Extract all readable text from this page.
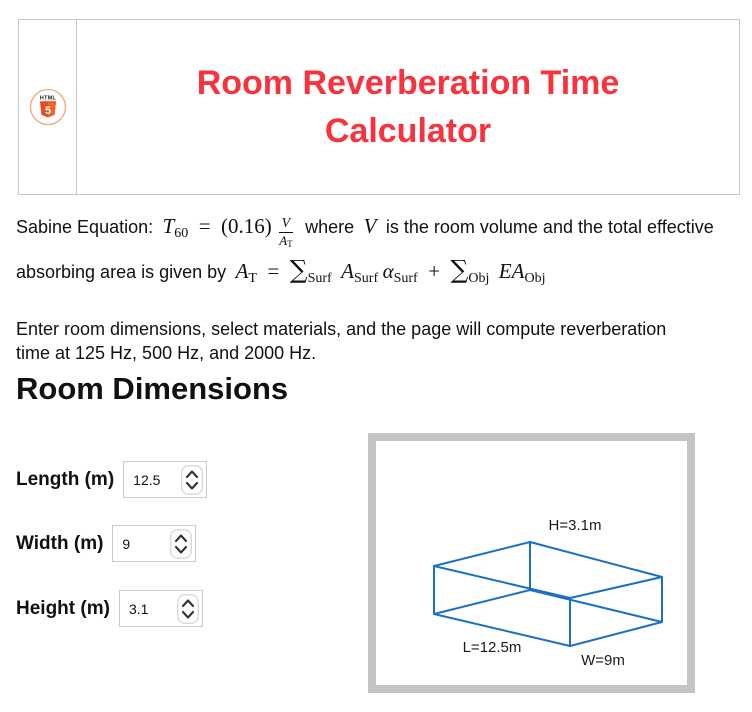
HTML
5
Room Reverberation Time
Calculator
Sabine Equation: $T60 = (0.16) \frac{V}{AT}$ where V is the room volume and the total effective
absorbing area is given by AT = ∑Surf ASurf αSurf + ∑Obj EAObj

Enter room dimensions, select materials, and the page will compute reverberation time at 125 Hz, 500 Hz, and 2000 Hz.

Room Dimensions
Length (m)
12.5
Width (m)
9
Height (m)
3.1
H=3.1m
L=12.5m
W=9m
